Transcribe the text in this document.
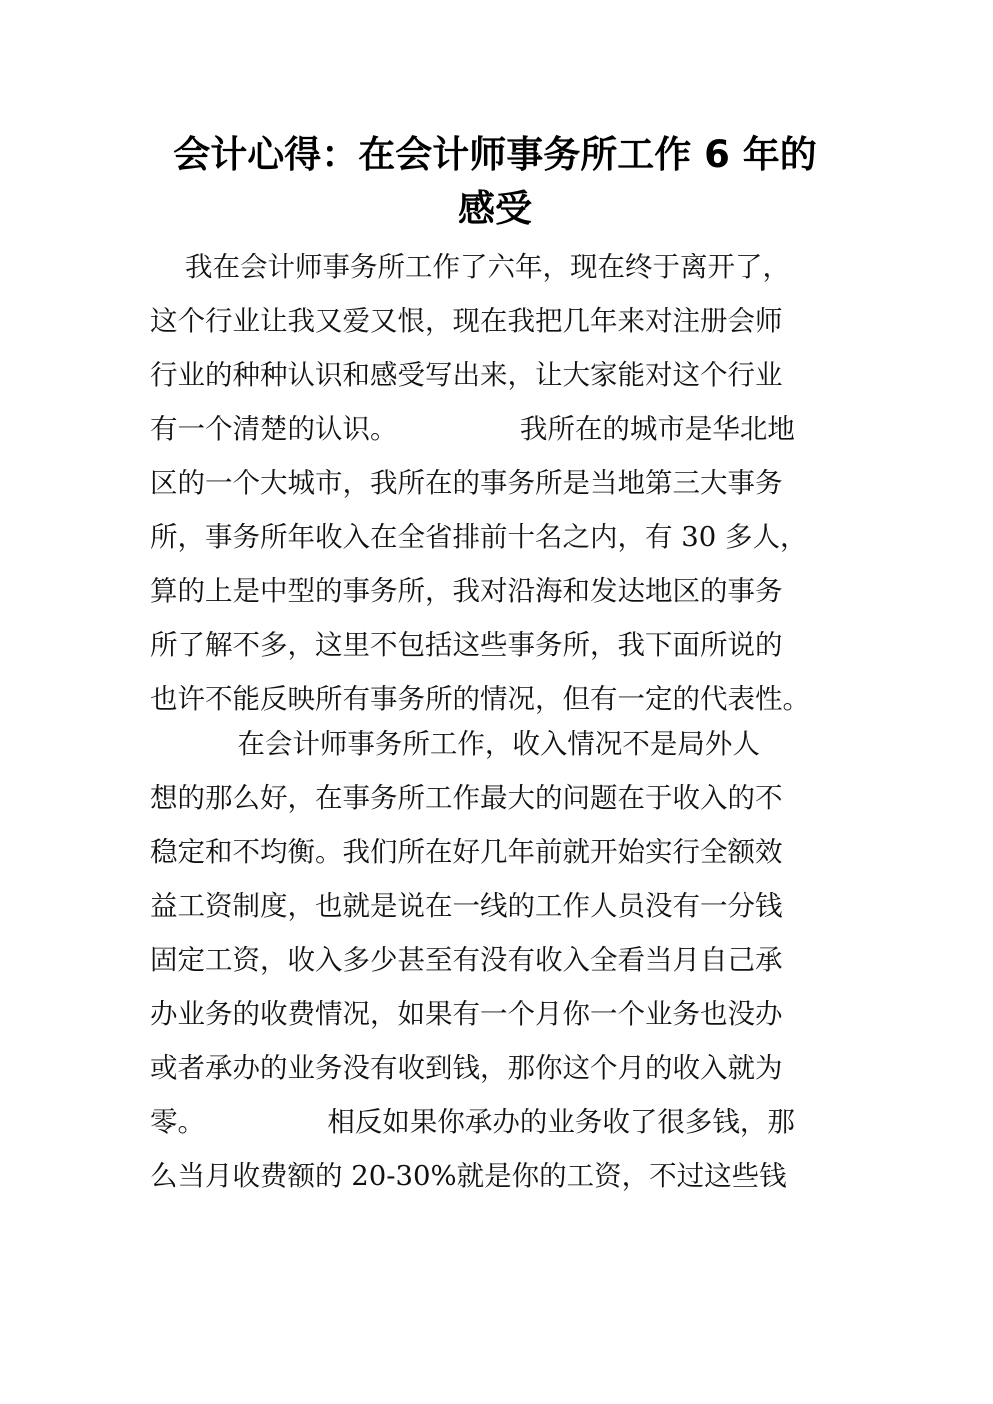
会计心得：在会计师事务所工作 6 年的
感受
我在会计师事务所工作了六年，现在终于离开了，
这个行业让我又爱又恨，现在我把几年来对注册会师
行业的种种认识和感受写出来，让大家能对这个行业
有一个清楚的认识。              我所在的城市是华北地
区的一个大城市，我所在的事务所是当地第三大事务
所，事务所年收入在全省排前十名之内，有 30 多人，
算的上是中型的事务所，我对沿海和发达地区的事务
所了解不多，这里不包括这些事务所，我下面所说的
也许不能反映所有事务所的情况，但有一定的代表性。
在会计师事务所工作，收入情况不是局外人
想的那么好，在事务所工作最大的问题在于收入的不
稳定和不均衡。我们所在好几年前就开始实行全额效
益工资制度，也就是说在一线的工作人员没有一分钱
固定工资，收入多少甚至有没有收入全看当月自己承
办业务的收费情况，如果有一个月你一个业务也没办
或者承办的业务没有收到钱，那你这个月的收入就为
零。              相反如果你承办的业务收了很多钱，那
么当月收费额的 20-30%就是你的工资，不过这些钱
